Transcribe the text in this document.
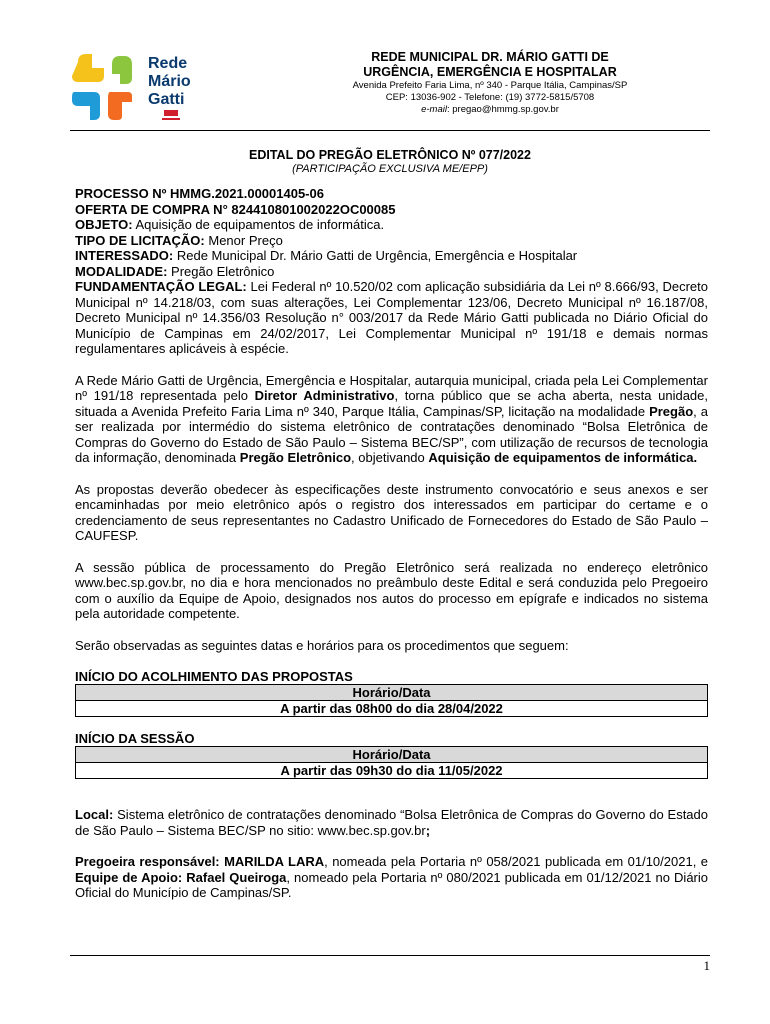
Rede
Mário
Gatti
REDE MUNICIPAL DR. MÁRIO GATTI DE
URGÊNCIA, EMERGÊNCIA E HOSPITALAR
Avenida Prefeito Faria Lima, nº 340 - Parque Itália, Campinas/SP
CEP: 13036-902 - Telefone: (19) 3772-5815/5708
e-mail: pregao@hmmg.sp.gov.br
EDITAL DO PREGÃO ELETRÔNICO Nº 077/2022
(PARTICIPAÇÃO EXCLUSIVA ME/EPP)

PROCESSO Nº HMMG.2021.00001405-06

OFERTA DE COMPRA N° 824410801002022OC00085

OBJETO: Aquisição de equipamentos de informática.

TIPO DE LICITAÇÃO: Menor Preço

INTERESSADO: Rede Municipal Dr. Mário Gatti de Urgência, Emergência e Hospitalar

MODALIDADE: Pregão Eletrônico

FUNDAMENTAÇÃO LEGAL: Lei Federal nº 10.520/02 com aplicação subsidiária da Lei nº 8.666/93, Decreto Municipal nº 14.218/03, com suas alterações, Lei Complementar 123/06, Decreto Municipal nº 16.187/08, Decreto Municipal nº 14.356/03 Resolução n° 003/2017 da Rede Mário Gatti publicada no Diário Oficial do Município de Campinas em 24/02/2017, Lei Complementar Municipal nº 191/18 e demais normas regulamentares aplicáveis à espécie.

A Rede Mário Gatti de Urgência, Emergência e Hospitalar, autarquia municipal, criada pela Lei Complementar nº 191/18 representada pelo Diretor Administrativo, torna público que se acha aberta, nesta unidade, situada a Avenida Prefeito Faria Lima nº 340, Parque Itália, Campinas/SP, licitação na modalidade Pregão, a ser realizada por intermédio do sistema eletrônico de contratações denominado “Bolsa Eletrônica de Compras do Governo do Estado de São Paulo – Sistema BEC/SP”, com utilização de recursos de tecnologia da informação, denominada Pregão Eletrônico, objetivando Aquisição de equipamentos de informática.

As propostas deverão obedecer às especificações deste instrumento convocatório e seus anexos e ser encaminhadas por meio eletrônico após o registro dos interessados em participar do certame e o credenciamento de seus representantes no Cadastro Unificado de Fornecedores do Estado de São Paulo – CAUFESP.

A sessão pública de processamento do Pregão Eletrônico será realizada no endereço eletrônico www.bec.sp.gov.br, no dia e hora mencionados no preâmbulo deste Edital e será conduzida pelo Pregoeiro com o auxílio da Equipe de Apoio, designados nos autos do processo em epígrafe e indicados no sistema pela autoridade competente.

Serão observadas as seguintes datas e horários para os procedimentos que seguem:

INÍCIO DO ACOLHIMENTO DAS PROPOSTAS

Horário/Data
A partir das 08h00 do dia 28/04/2022

INÍCIO DA SESSÃO

Horário/Data
A partir das 09h30 do dia 11/05/2022

Local: Sistema eletrônico de contratações denominado “Bolsa Eletrônica de Compras do Governo do Estado de São Paulo – Sistema BEC/SP no sitio: www.bec.sp.gov.br;

Pregoeira responsável: MARILDA LARA, nomeada pela Portaria nº 058/2021 publicada em 01/10/2021, e Equipe de Apoio: Rafael Queiroga, nomeado pela Portaria nº 080/2021 publicada em 01/12/2021 no Diário Oficial do Município de Campinas/SP.

1
